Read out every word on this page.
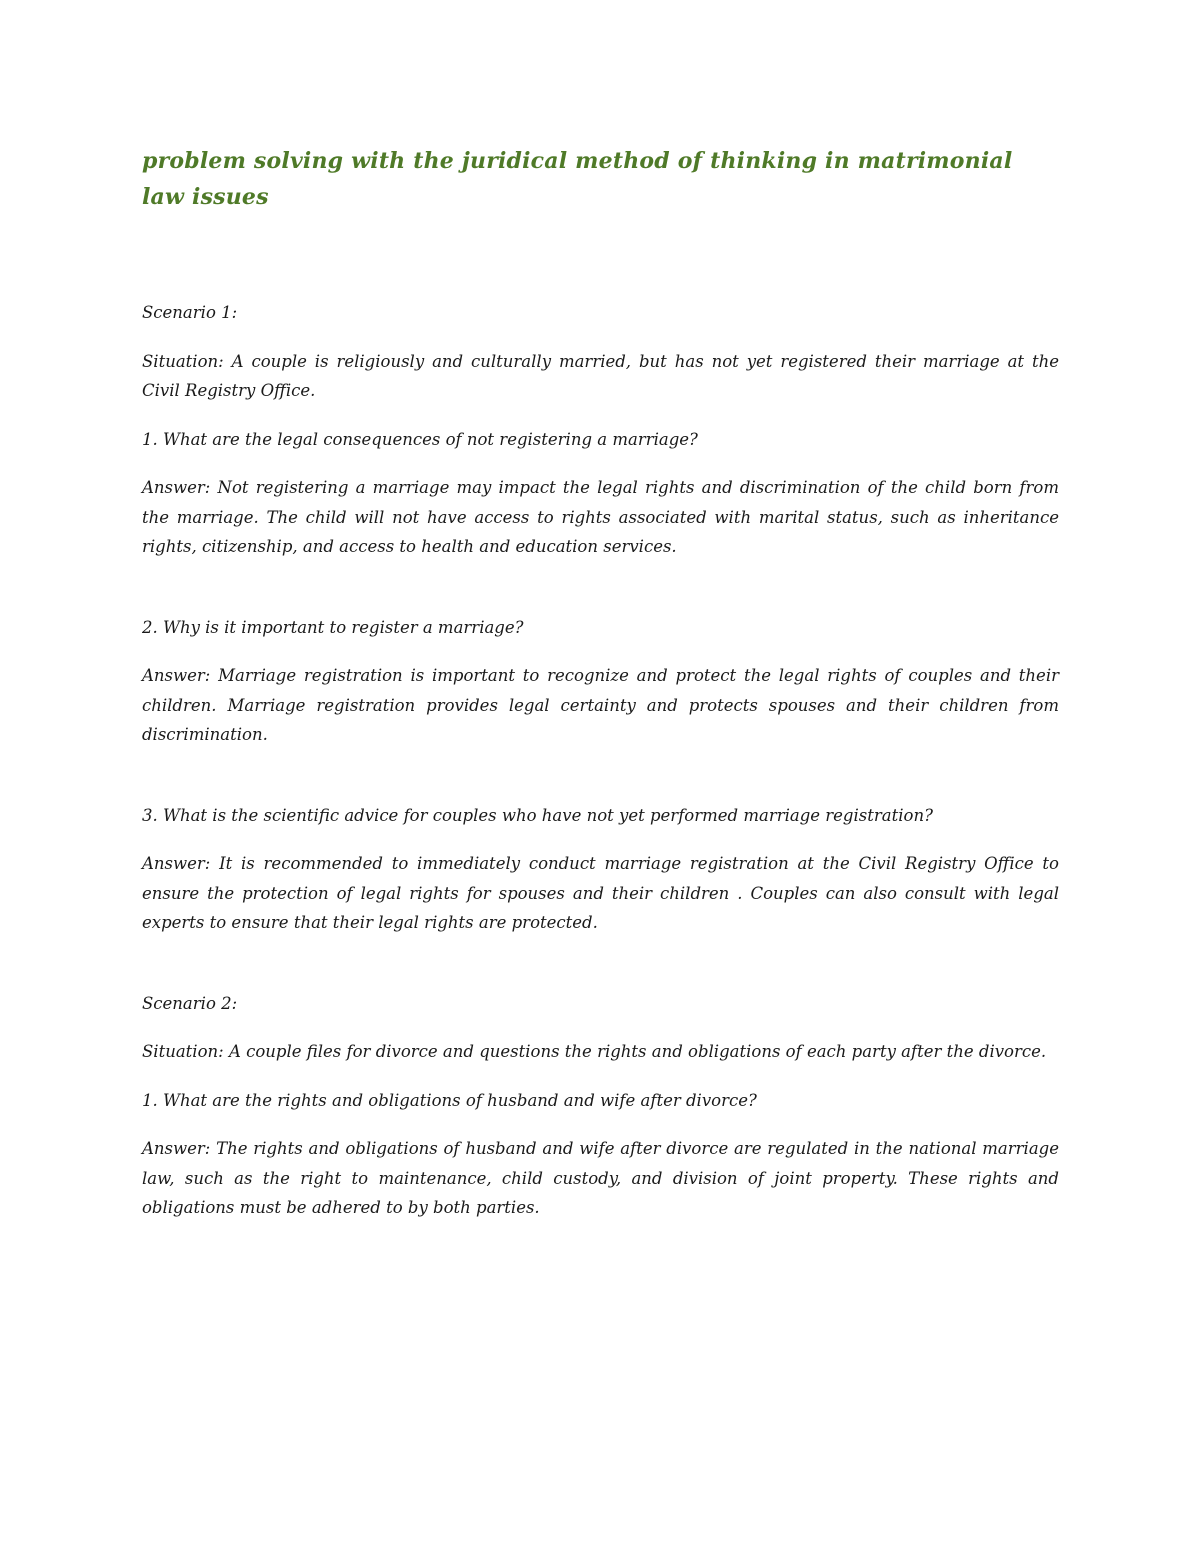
problem solving with the juridical method of thinking in matrimonial law issues

Scenario 1:

Situation: A couple is religiously and culturally married, but has not yet registered their marriage at the Civil Registry Office.

1. What are the legal consequences of not registering a marriage?

Answer: Not registering a marriage may impact the legal rights and discrimination of the child born from the marriage. The child will not have access to rights associated with marital status, such as inheritance rights, citizenship, and access to health and education services.

2. Why is it important to register a marriage?

Answer: Marriage registration is important to recognize and protect the legal rights of couples and their children. Marriage registration provides legal certainty and protects spouses and their children from discrimination.

3. What is the scientific advice for couples who have not yet performed marriage registration?

Answer: It is recommended to immediately conduct marriage registration at the Civil Registry Office to ensure the protection of legal rights for spouses and their children . Couples can also consult with legal experts to ensure that their legal rights are protected.

Scenario 2:

Situation: A couple files for divorce and questions the rights and obligations of each party after the divorce.

1. What are the rights and obligations of husband and wife after divorce?

Answer: The rights and obligations of husband and wife after divorce are regulated in the national marriage law, such as the right to maintenance, child custody, and division of joint property. These rights and obligations must be adhered to by both parties.
